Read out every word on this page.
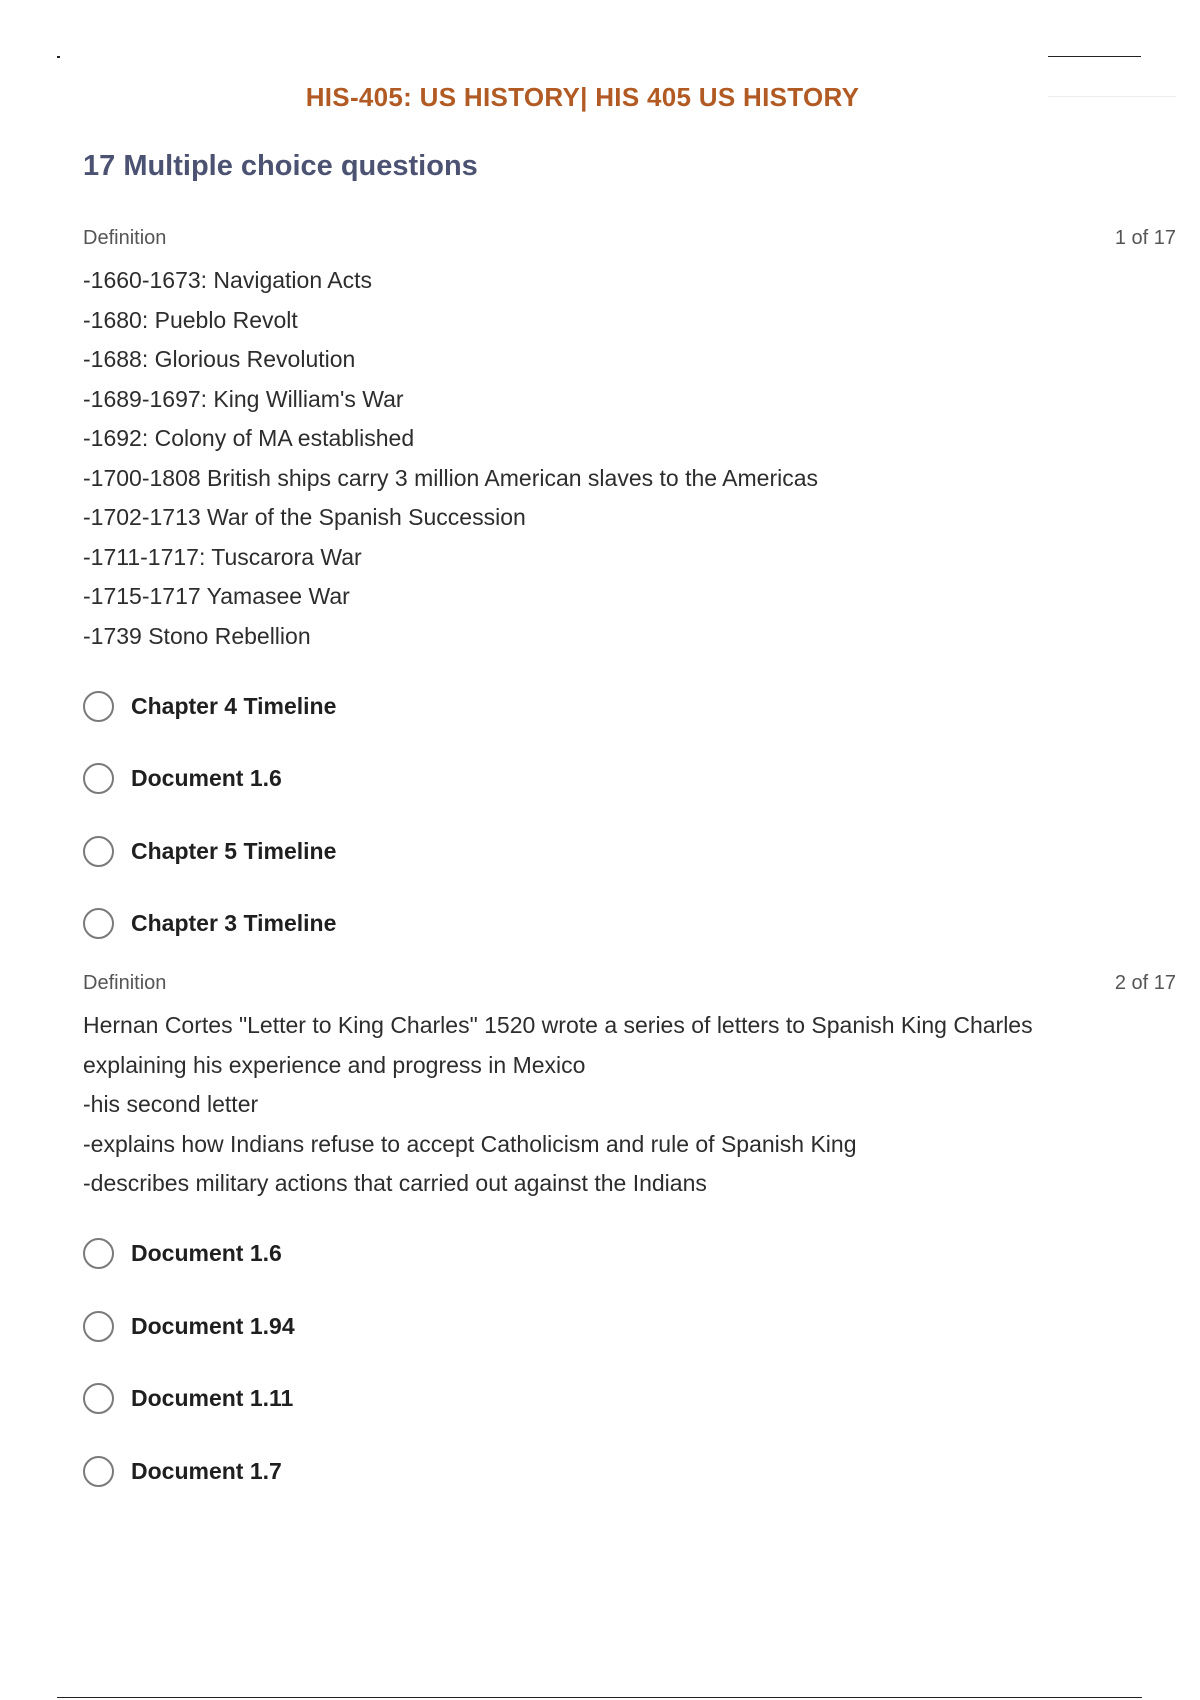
HIS-405: US HISTORY| HIS 405 US HISTORY
17 Multiple choice questions
Definition	1 of 17
-1660-1673: Navigation Acts
-1680: Pueblo Revolt
-1688: Glorious Revolution
-1689-1697: King William's War
-1692: Colony of MA established
-1700-1808 British ships carry 3 million American slaves to the Americas
-1702-1713 War of the Spanish Succession
-1711-1717: Tuscarora War
-1715-1717 Yamasee War
-1739 Stono Rebellion
Chapter 4 Timeline
Document 1.6
Chapter 5 Timeline
Chapter 3 Timeline
Definition	2 of 17
Hernan Cortes "Letter to King Charles" 1520 wrote a series of letters to Spanish King Charles
explaining his experience and progress in Mexico
-his second letter
-explains how Indians refuse to accept Catholicism and rule of Spanish King
-describes military actions that carried out against the Indians
Document 1.6
Document 1.94
Document 1.11
Document 1.7
